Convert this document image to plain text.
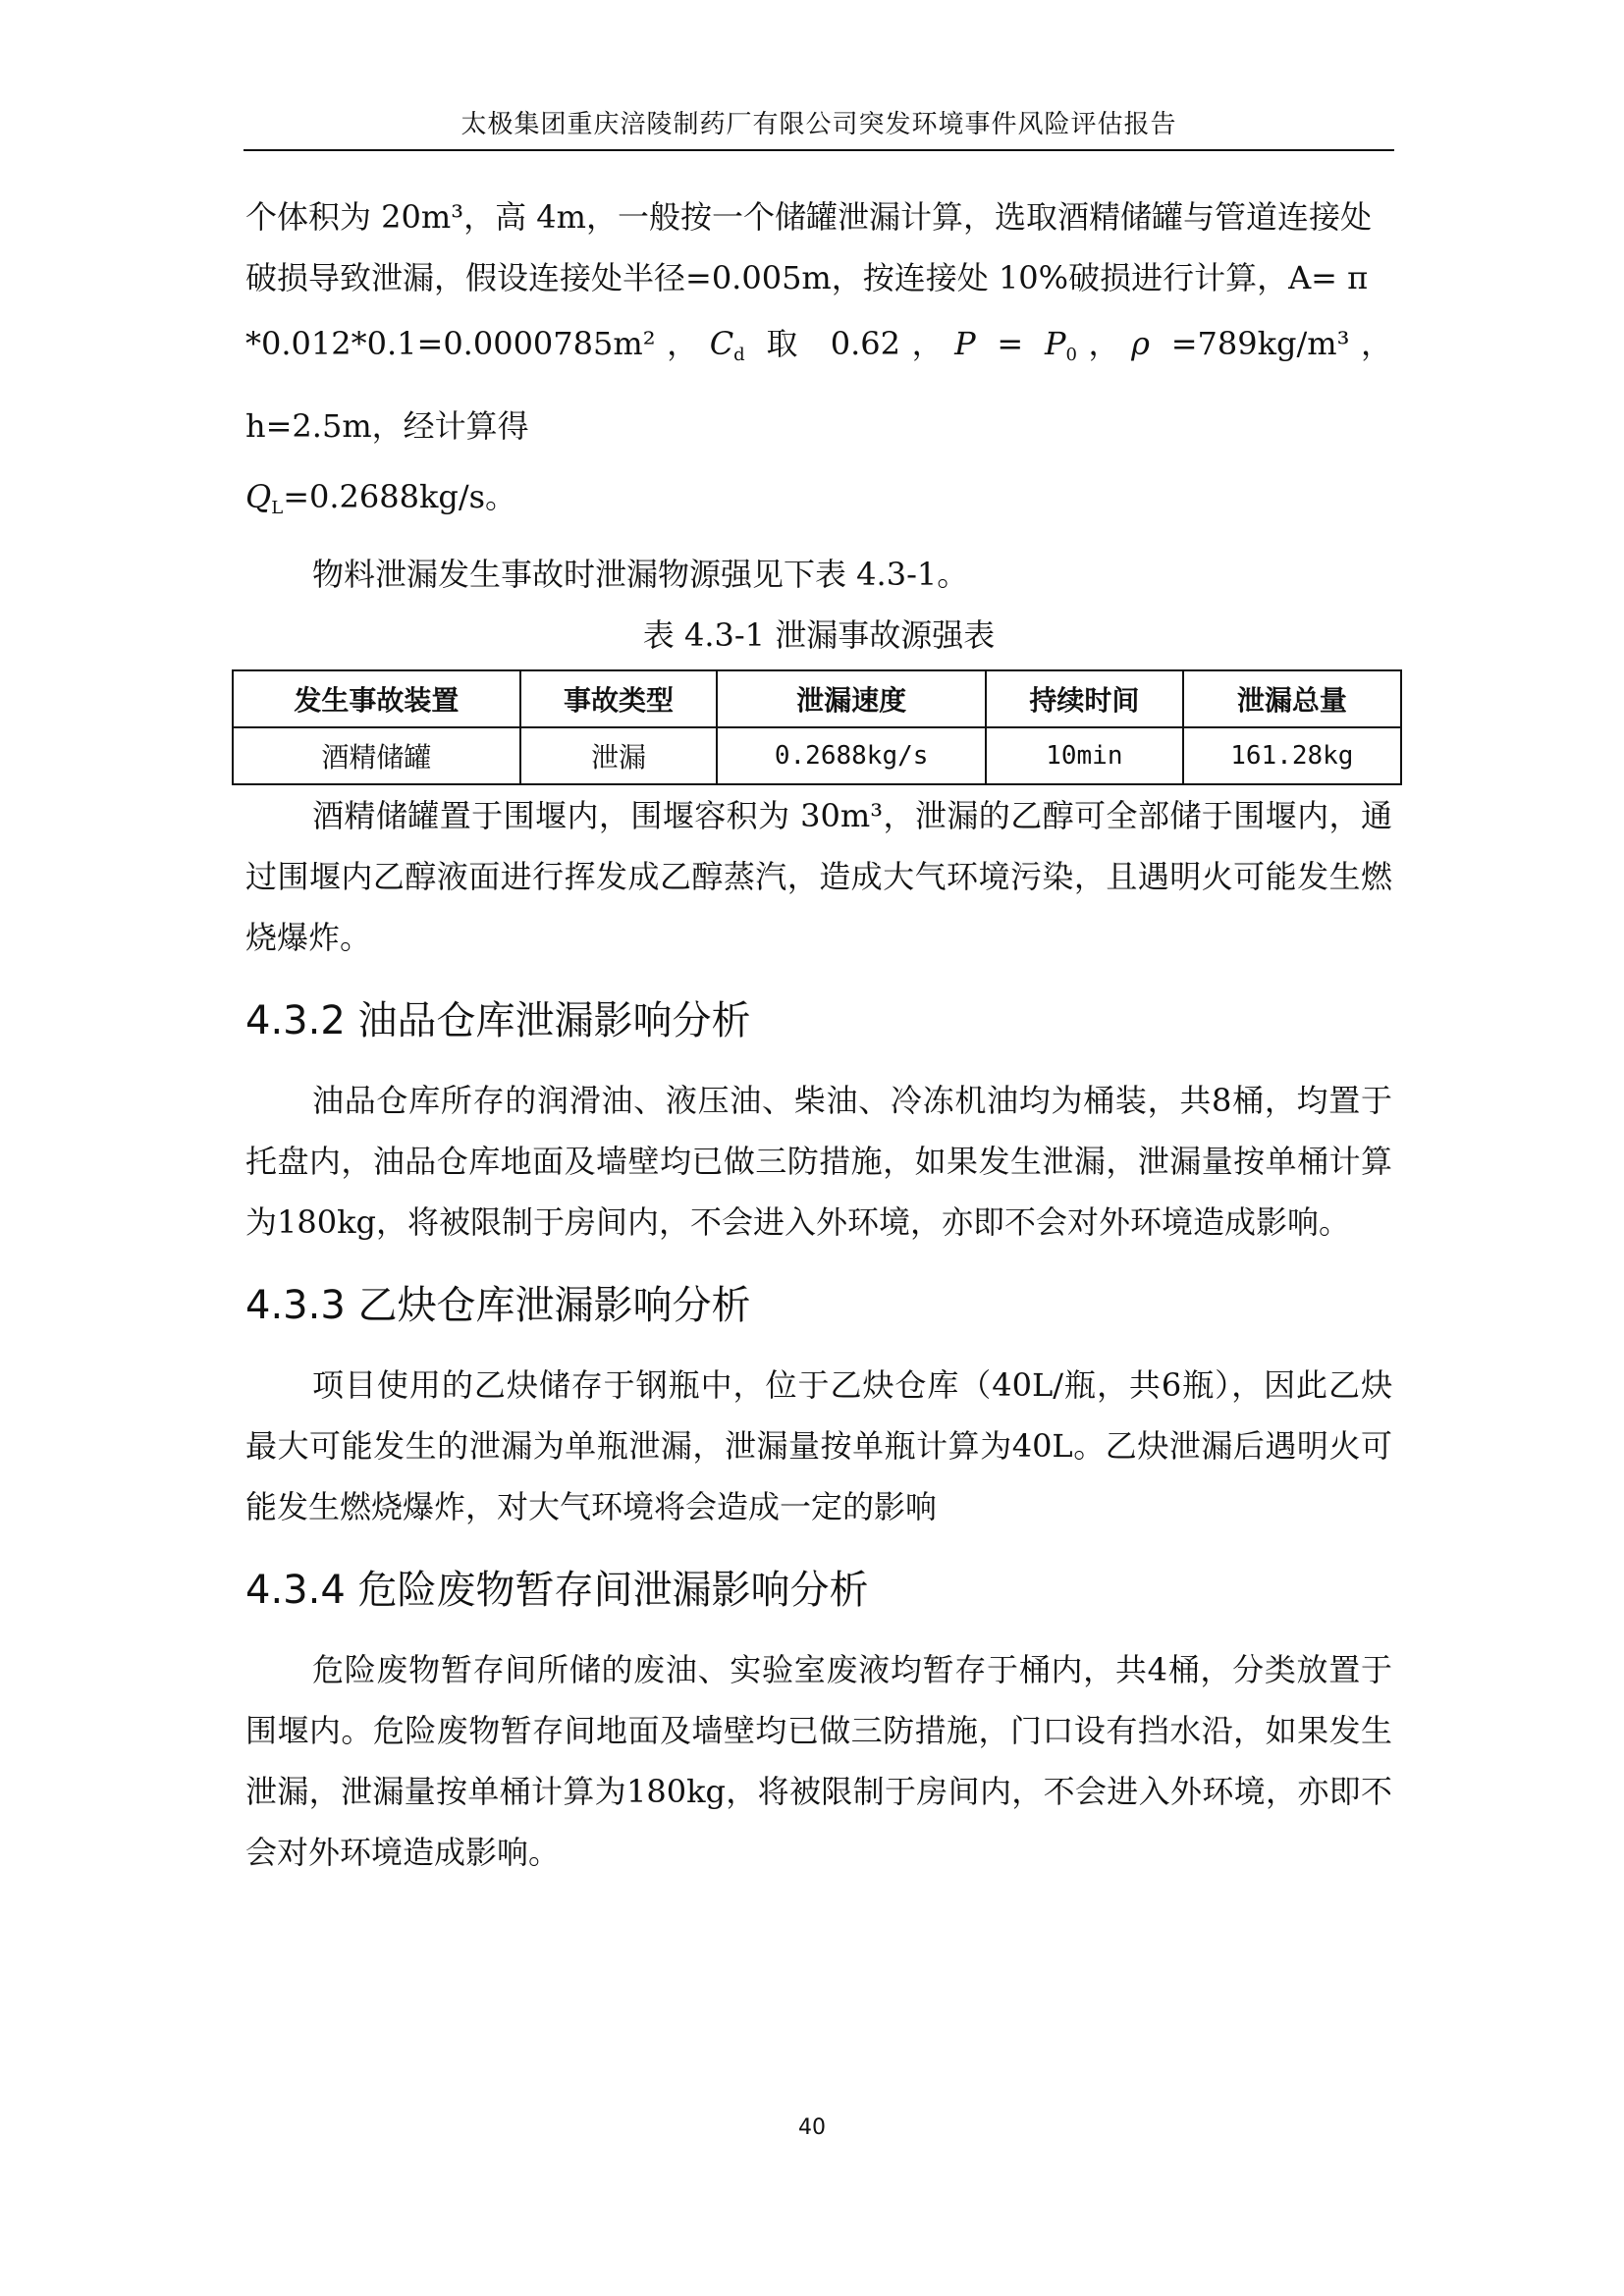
太极集团重庆涪陵制药厂有限公司突发环境事件风险评估报告

个体积为 20m³，高 4m，一般按一个储罐泄漏计算，选取酒精储罐与管道连接处

破损导致泄漏，假设连接处半径=0.005m，按连接处 10%破损进行计算，A= π

*0.012*0.1=0.0000785m²，$C_d$ 取 0.62，$P = P_0$，ρ =789kg/m³，h=2.5m，经计算得

$Q_L=0.2688kg/s$。

物料泄漏发生事故时泄漏物源强见下表 4.3-1。

表 4.3-1 泄漏事故源强表
发生事故装置	事故类型	泄漏速度	持续时间	泄漏总量
酒精储罐	泄漏	0.2688kg/s	10min	161.28kg

酒精储罐置于围堰内，围堰容积为 30m³，泄漏的乙醇可全部储于围堰内，通过围堰内乙醇液面进行挥发成乙醇蒸汽，造成大气环境污染，且遇明火可能发生燃烧爆炸。

4.3.2 油品仓库泄漏影响分析

油品仓库所存的润滑油、液压油、柴油、冷冻机油均为桶装，共8桶，均置于托盘内，油品仓库地面及墙壁均已做三防措施，如果发生泄漏，泄漏量按单桶计算为180kg，将被限制于房间内，不会进入外环境，亦即不会对外环境造成影响。

4.3.3 乙炔仓库泄漏影响分析

项目使用的乙炔储存于钢瓶中，位于乙炔仓库（40L/瓶，共6瓶），因此乙炔最大可能发生的泄漏为单瓶泄漏，泄漏量按单瓶计算为40L。乙炔泄漏后遇明火可能发生燃烧爆炸，对大气环境将会造成一定的影响

4.3.4 危险废物暂存间泄漏影响分析

危险废物暂存间所储的废油、实验室废液均暂存于桶内，共4桶，分类放置于围堰内。危险废物暂存间地面及墙壁均已做三防措施，门口设有挡水沿，如果发生泄漏，泄漏量按单桶计算为180kg，将被限制于房间内，不会进入外环境，亦即不会对外环境造成影响。

40
